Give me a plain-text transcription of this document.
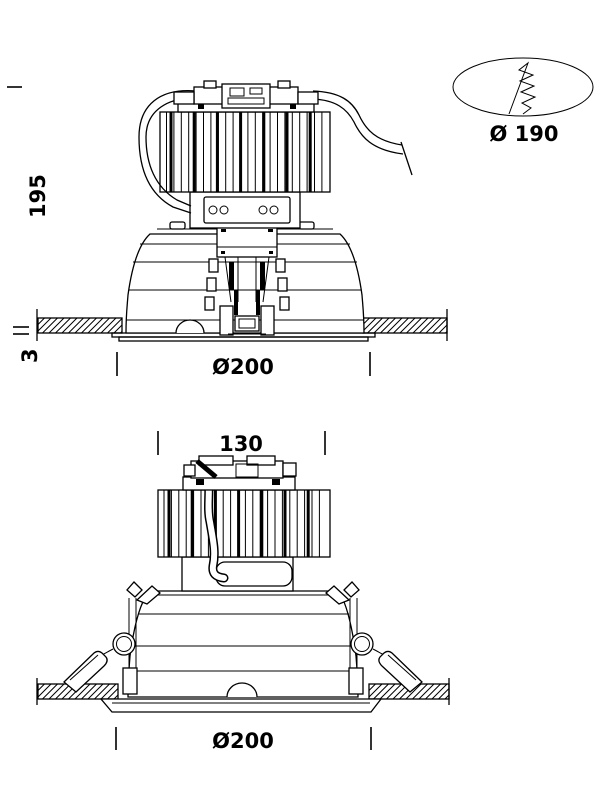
195
3	Ø200
Ø 190
130
Ø200
